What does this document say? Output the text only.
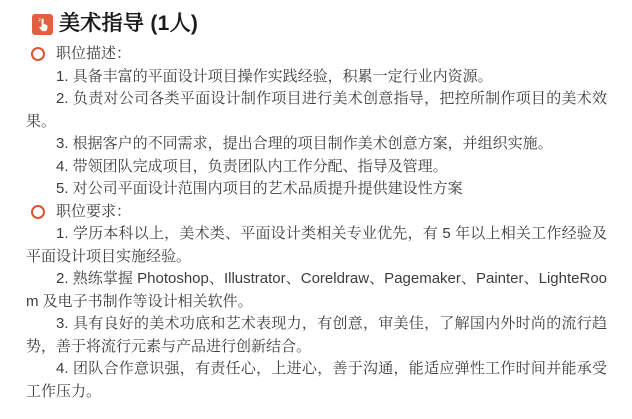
美术指导 (1人)
职位描述：

1. 具备丰富的平面设计项目操作实践经验，积累一定行业内资源。

2. 负责对公司各类平面设计制作项目进行美术创意指导，把控所制作项目的美术效果。

3. 根据客户的不同需求，提出合理的项目制作美术创意方案，并组织实施。

4. 带领团队完成项目，负责团队内工作分配、指导及管理。

5. 对公司平面设计范围内项目的艺术品质提升提供建设性方案

职位要求：

1. 学历本科以上，美术类、平面设计类相关专业优先，有 5 年以上相关工作经验及平面设计项目实施经验。

2. 熟练掌握 Photoshop、Illustrator、Coreldraw、Pagemaker、Painter、LighteRoom 及电子书制作等设计相关软件。

3. 具有良好的美术功底和艺术表现力，有创意，审美佳，了解国内外时尚的流行趋势，善于将流行元素与产品进行创新结合。

4. 团队合作意识强，有责任心，上进心，善于沟通，能适应弹性工作时间并能承受工作压力。
